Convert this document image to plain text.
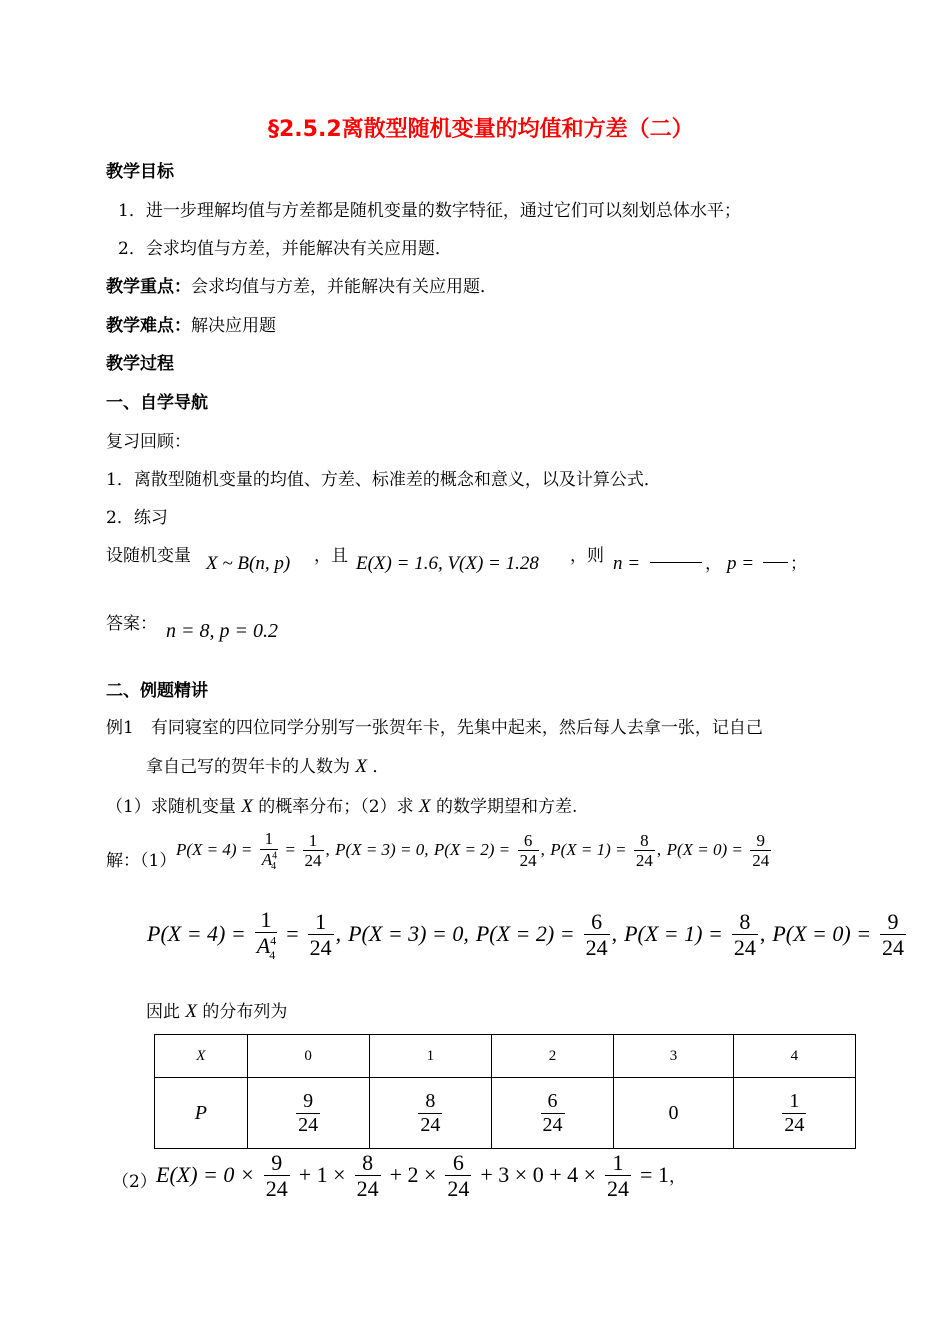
§2.5.2离散型随机变量的均值和方差（二）
教学目标
1．进一步理解均值与方差都是随机变量的数字特征，通过它们可以刻划总体水平；
2．会求均值与方差，并能解决有关应用题．
教学重点：会求均值与方差，并能解决有关应用题．
教学难点：解决应用题
教学过程
一、自学导航
复习回顾：
1．离散型随机变量的均值、方差、标准差的概念和意义，以及计算公式．
2．练习
设随机变量 X ~ B(n, p) ，且 E(X) = 1.6, V(X) = 1.28 ，则 n =	， p = ；
答案： n = 8, p = 0.2
二、例题精讲
例1　有同寝室的四位同学分别写一张贺年卡，先集中起来，然后每人去拿一张，记自己
拿自己写的贺年卡的人数为 X ．
（1）求随机变量 X 的概率分布；（2）求 X 的数学期望和方差.
解：（1）
$P(X = 4) = \frac{1}{A^4_4} = \frac{1}{24}$ , P(X = 3) = 0, $P(X = 2) = \frac{6}{24}$ , $P(X = 1) = \frac{8}{24}$ , $P(X = 0) = \frac{9}{24}$
$P(X = 4) = \frac{1}{A^4_4} = \frac{1}{24}$ , P(X = 3) = 0, $P(X = 2) = \frac{6}{24}$ , $P(X = 1) = \frac{8}{24}$ , $P(X = 0) = \frac{9}{24}$
因此 X 的分布列为
X	0	1	2	3	4
P	$\frac{9}{24}$	$\frac{8}{24}$	$\frac{6}{24}$	0	$\frac{1}{24}$
（2） $E(X) = 0 \times \frac{9}{24} + 1 \times \frac{8}{24} + 2 \times \frac{6}{24} + 3 \times 0 + 4 \times \frac{1}{24} = 1$，
